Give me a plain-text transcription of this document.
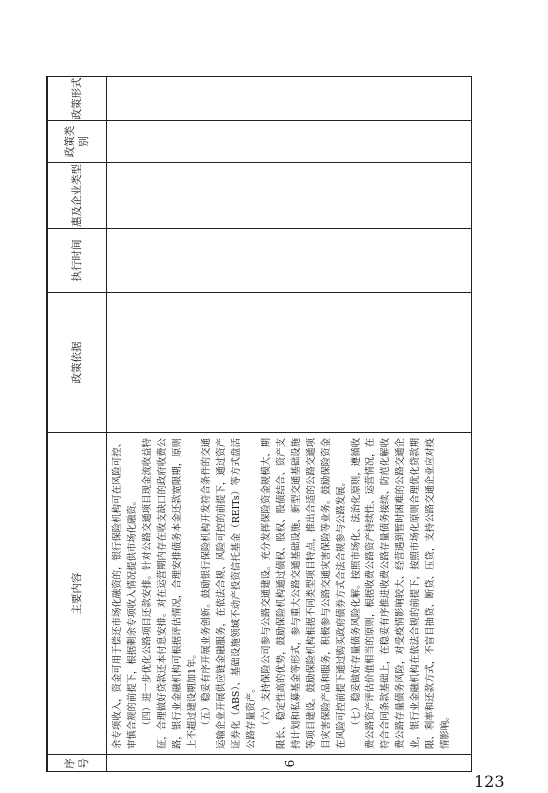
序号	主要内容	政策依据	执行时间	惠及企业类型	政策类别	政策形式
6	余专项收入，资金可用于偿还市场化融资的，银行保险机构可在风险可控、审慎合规的前提下，根据剩余专项收入情况提供市场化融资。 （四）进一步优化公路项目还款安排。针对公路交通项目现金流收益特征，合理做好贷款还本付息安排。对在运营期内存在收支缺口的政府收费公路，银行业金融机构可根据评估情况，合理安排债务本金还款宽限期，原则上不超过建设期加1年。 （五）稳妥有序开展业务创新。鼓励银行保险机构开发符合条件的交通运输企业开展供应链金融服务，在依法合规、风险可控的前提下，通过资产证券化（ABS）、基础设施领域不动产投资信托基金（REITs）等方式盘活公路存量资产。 （六）支持保险公司参与公路交通建设。充分发挥保险资金规模大、期限长、稳定性高的优势，鼓励保险机构通过债权、股权、股债结合、资产支持计划和私募基金等形式，参与重大公路交通基础设施、新型交通基础设施等项目建设。鼓励保险机构根据不同类型项目特点，推出合适的公路交通项目灾害保险产品和服务，积极参与公路交通灾害保险等业务。鼓励保险资金在风险可控前提下通过购买政府债券方式合法合规参与公路发展。 （七）稳妥做好存量债务风险化解。按照市场化、法治化原则，遵循收费公路资产评估价值相当的原则，根据收费公路资产持续性、运营情况，在符合合同条款基础上，在稳妥有序推进收费公路存量债务接续、防范化解收费公路存量债务风险，对受疫情影响较大、经营遇到暂时困难的公路交通企业，银行业金融机构在依法合规的前提下，按照市场化原则合理优化贷款期限、利率和还款方式，不盲目抽贷、断贷、压贷，支持公路交通企业应对疫情影响。					

123
